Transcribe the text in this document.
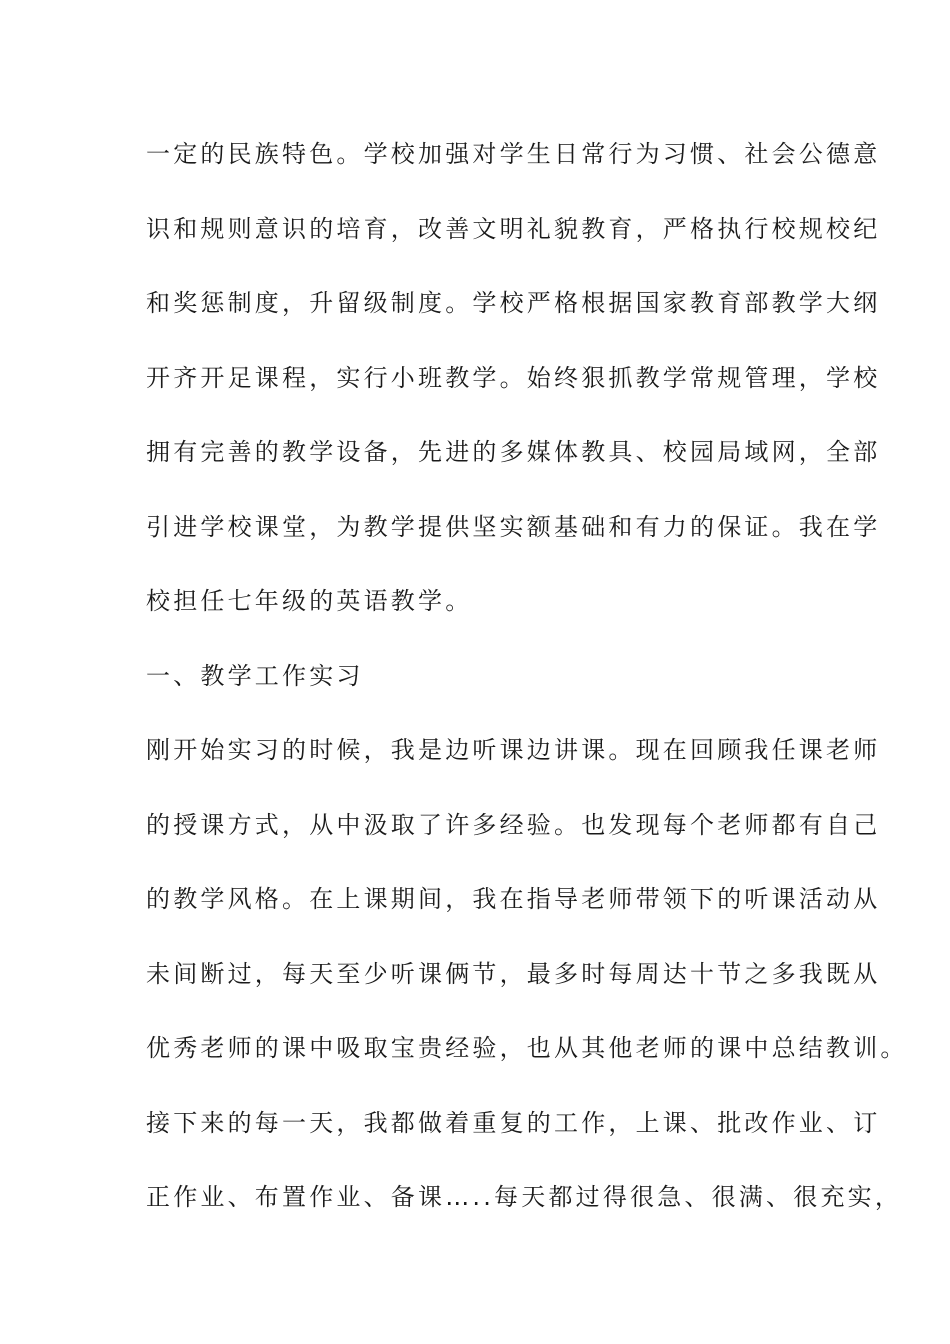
一定的民族特色。学校加强对学生日常行为习惯、社会公德意
识和规则意识的培育，改善文明礼貌教育，严格执行校规校纪
和奖惩制度，升留级制度。学校严格根据国家教育部教学大纲
开齐开足课程，实行小班教学。始终狠抓教学常规管理，学校
拥有完善的教学设备，先进的多媒体教具、校园局域网，全部
引进学校课堂，为教学提供坚实额基础和有力的保证。我在学
校担任七年级的英语教学。
一、教学工作实习
刚开始实习的时候，我是边听课边讲课。现在回顾我任课老师
的授课方式，从中汲取了许多经验。也发现每个老师都有自己
的教学风格。在上课期间，我在指导老师带领下的听课活动从
未间断过，每天至少听课俩节，最多时每周达十节之多我既从
优秀老师的课中吸取宝贵经验，也从其他老师的课中总结教训。
接下来的每一天，我都做着重复的工作，上课、批改作业、订
正作业、布置作业、备课…..每天都过得很急、很满、很充实，
